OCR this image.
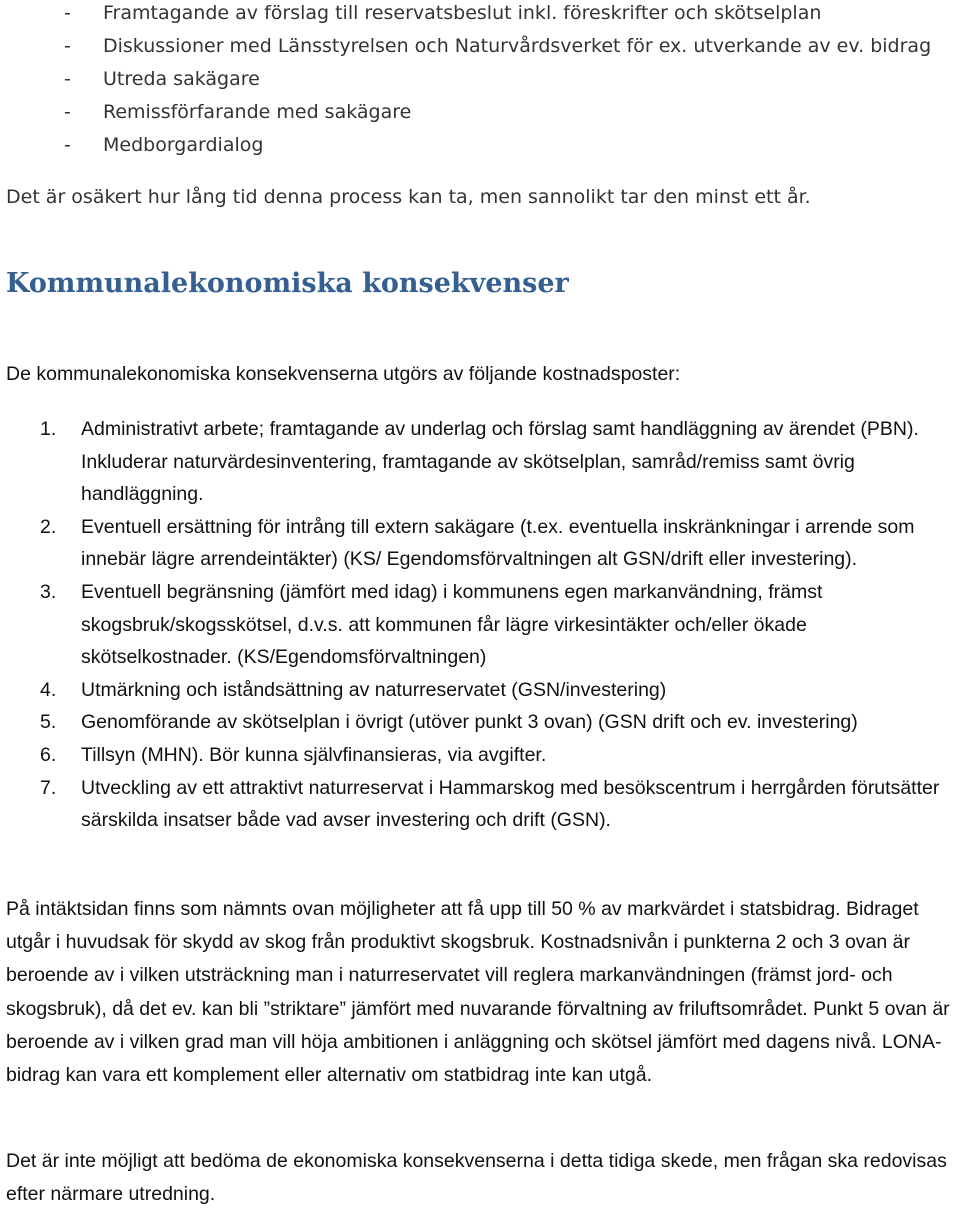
- Framtagande av förslag till reservatsbeslut inkl. föreskrifter och skötselplan
- Diskussioner med Länsstyrelsen och Naturvårdsverket för ex. utverkande av ev. bidrag
- Utreda sakägare
- Remissförfarande med sakägare
- Medborgardialog

Det är osäkert hur lång tid denna process kan ta, men sannolikt tar den minst ett år.

Kommunalekonomiska konsekvenser

De kommunalekonomiska konsekvenserna utgörs av följande kostnadsposter:

1. Administrativt arbete; framtagande av underlag och förslag samt handläggning av ärendet (PBN). Inkluderar naturvärdesinventering, framtagande av skötselplan, samråd/remiss samt övrig handläggning.
2. Eventuell ersättning för intrång till extern sakägare (t.ex. eventuella inskränkningar i arrende som innebär lägre arrendeintäkter) (KS/ Egendomsförvaltningen alt GSN/drift eller investering).
3. Eventuell begränsning (jämfört med idag) i kommunens egen markanvändning, främst skogsbruk/skogsskötsel, d.v.s. att kommunen får lägre virkesintäkter och/eller ökade skötselkostnader. (KS/Egendomsförvaltningen)
4. Utmärkning och iståndsättning av naturreservatet (GSN/investering)
5. Genomförande av skötselplan i övrigt (utöver punkt 3 ovan) (GSN drift och ev. investering)
6. Tillsyn (MHN). Bör kunna självfinansieras, via avgifter.
7. Utveckling av ett attraktivt naturreservat i Hammarskog med besökscentrum i herrgården förutsätter särskilda insatser både vad avser investering och drift (GSN).

På intäktsidan finns som nämnts ovan möjligheter att få upp till 50 % av markvärdet i statsbidrag. Bidraget utgår i huvudsak för skydd av skog från produktivt skogsbruk. Kostnadsnivån i punkterna 2 och 3 ovan är beroende av i vilken utsträckning man i naturreservatet vill reglera markanvändningen (främst jord- och skogsbruk), då det ev. kan bli ”striktare” jämfört med nuvarande förvaltning av friluftsområdet. Punkt 5 ovan är beroende av i vilken grad man vill höja ambitionen i anläggning och skötsel jämfört med dagens nivå. LONA-bidrag kan vara ett komplement eller alternativ om statbidrag inte kan utgå.

Det är inte möjligt att bedöma de ekonomiska konsekvenserna i detta tidiga skede, men frågan ska redovisas efter närmare utredning.
